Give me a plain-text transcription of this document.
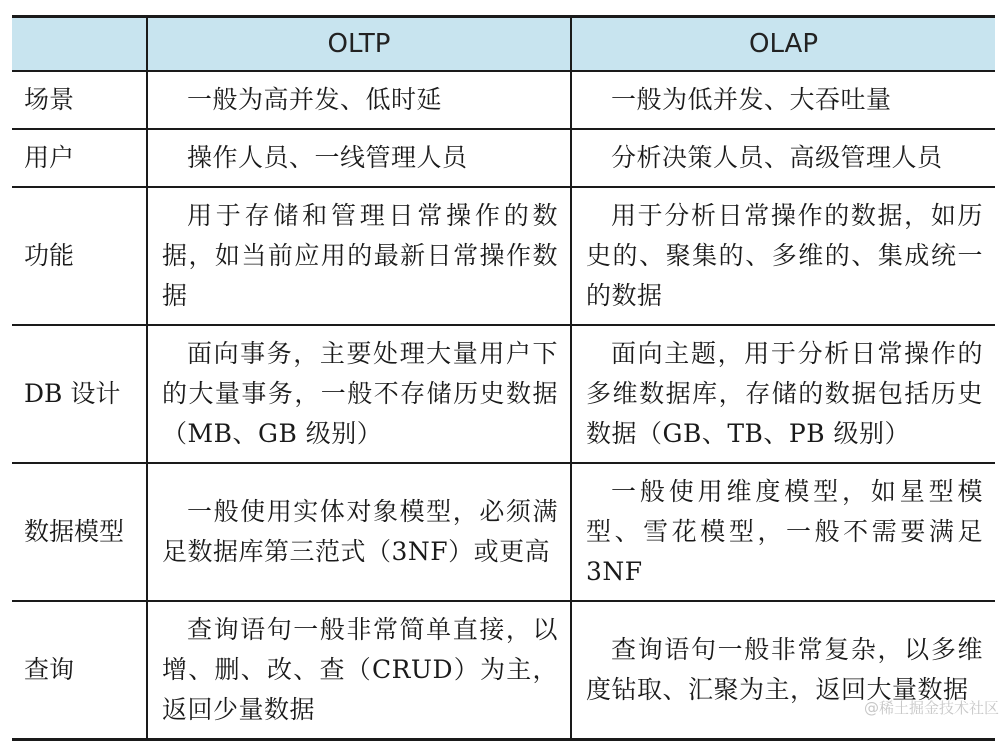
	OLTP	OLAP
场景	一般为高并发、低时延	一般为低并发、大吞吐量

用户	操作人员、一线管理人员	分析决策人员、高级管理人员

功能	用于存储和管理日常操作的数据，如当前应用的最新日常操作数据	用于分析日常操作的数据，如历史的、聚集的、多维的、集成统一的数据

DB 设计	面向事务，主要处理大量用户下的大量事务，一般不存储历史数据（MB、GB 级别）	面向主题，用于分析日常操作的多维数据库，存储的数据包括历史数据（GB、TB、PB 级别）

数据模型	一般使用实体对象模型，必须满足数据库第三范式（3NF）或更高	一般使用维度模型，如星型模型、雪花模型，一般不需要满足 3NF

查询	查询语句一般非常简单直接，以增、删、改、查（CRUD）为主，返回少量数据	查询语句一般非常复杂，以多维度钻取、汇聚为主，返回大量数据
@稀土掘金技术社区
